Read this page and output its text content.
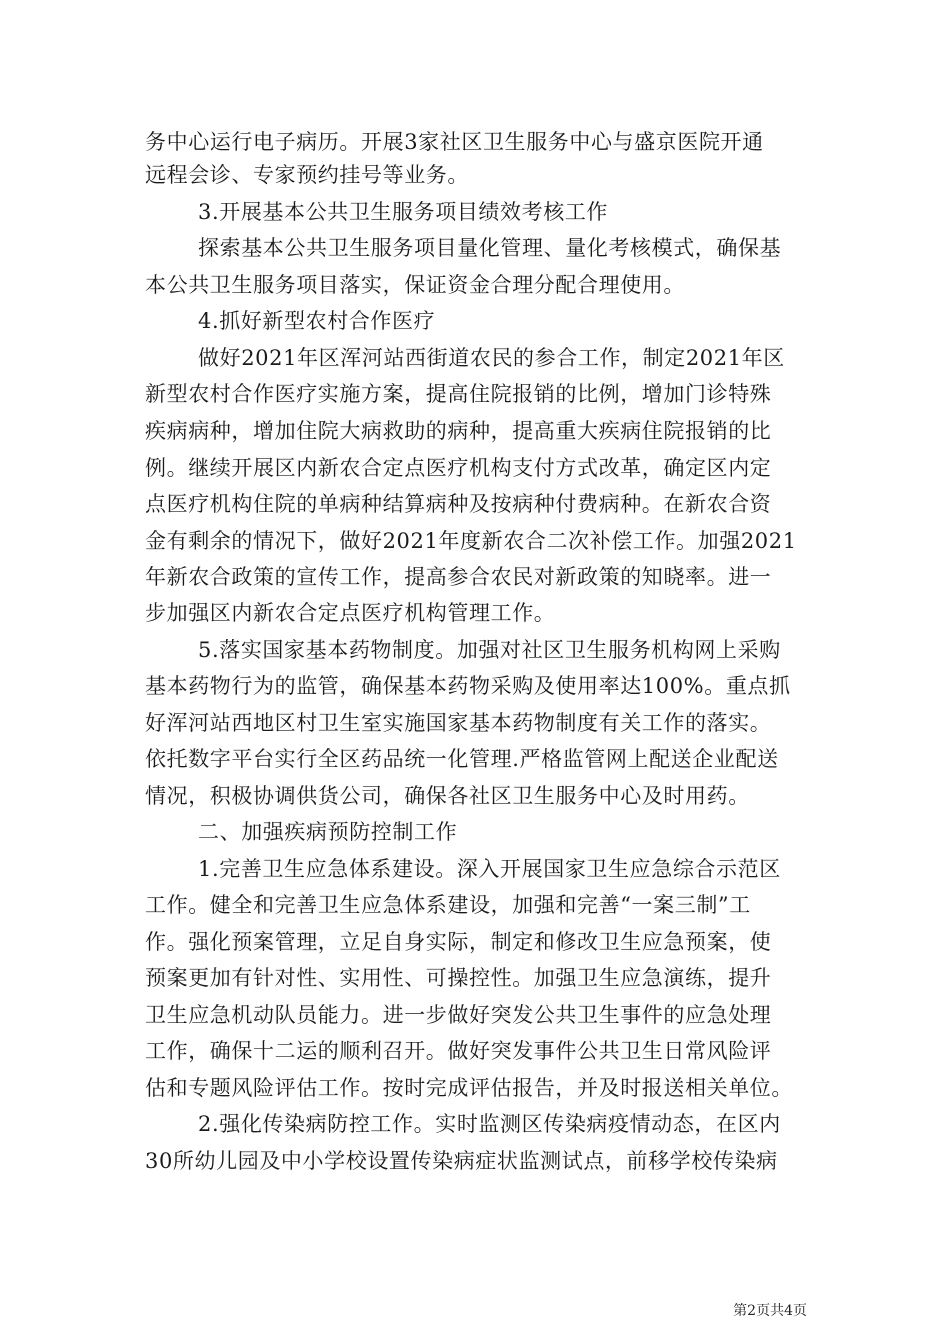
务中心运行电子病历。开展3家社区卫生服务中心与盛京医院开通
远程会诊、专家预约挂号等业务。
3.开展基本公共卫生服务项目绩效考核工作
探索基本公共卫生服务项目量化管理、量化考核模式，确保基
本公共卫生服务项目落实，保证资金合理分配合理使用。
4.抓好新型农村合作医疗
做好2021年区浑河站西街道农民的参合工作，制定2021年区
新型农村合作医疗实施方案，提高住院报销的比例，增加门诊特殊
疾病病种，增加住院大病救助的病种，提高重大疾病住院报销的比
例。继续开展区内新农合定点医疗机构支付方式改革，确定区内定
点医疗机构住院的单病种结算病种及按病种付费病种。在新农合资
金有剩余的情况下，做好2021年度新农合二次补偿工作。加强2021
年新农合政策的宣传工作，提高参合农民对新政策的知晓率。进一
步加强区内新农合定点医疗机构管理工作。
5.落实国家基本药物制度。加强对社区卫生服务机构网上采购
基本药物行为的监管，确保基本药物采购及使用率达100%。重点抓
好浑河站西地区村卫生室实施国家基本药物制度有关工作的落实。
依托数字平台实行全区药品统一化管理.严格监管网上配送企业配送
情况，积极协调供货公司，确保各社区卫生服务中心及时用药。
二、加强疾病预防控制工作
1.完善卫生应急体系建设。深入开展国家卫生应急综合示范区
工作。健全和完善卫生应急体系建设，加强和完善“一案三制”工
作。强化预案管理，立足自身实际，制定和修改卫生应急预案，使
预案更加有针对性、实用性、可操控性。加强卫生应急演练，提升
卫生应急机动队员能力。进一步做好突发公共卫生事件的应急处理
工作，确保十二运的顺利召开。做好突发事件公共卫生日常风险评
估和专题风险评估工作。按时完成评估报告，并及时报送相关单位。
2.强化传染病防控工作。实时监测区传染病疫情动态，在区内
30所幼儿园及中小学校设置传染病症状监测试点，前移学校传染病
第2页共4页
